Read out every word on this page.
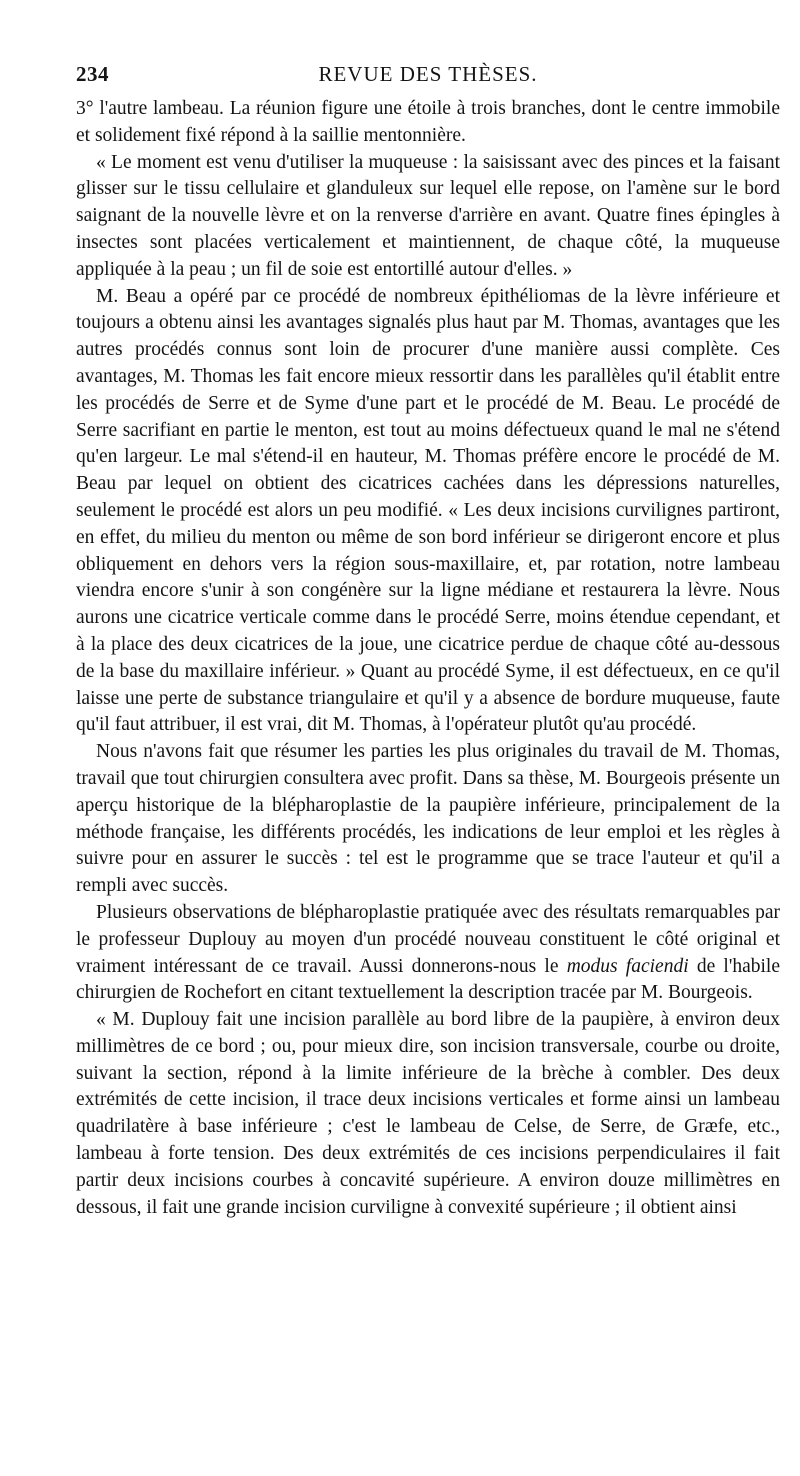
234	REVUE DES THÈSES.

3° l'autre lambeau. La réunion figure une étoile à trois branches, dont le centre immobile et solidement fixé répond à la saillie mentonnière.

« Le moment est venu d'utiliser la muqueuse : la saisissant avec des pinces et la faisant glisser sur le tissu cellulaire et glanduleux sur lequel elle repose, on l'amène sur le bord saignant de la nouvelle lèvre et on la renverse d'arrière en avant. Quatre fines épingles à insectes sont placées verticalement et maintiennent, de chaque côté, la muqueuse appliquée à la peau ; un fil de soie est entortillé autour d'elles. »

M. Beau a opéré par ce procédé de nombreux épithéliomas de la lèvre inférieure et toujours a obtenu ainsi les avantages signalés plus haut par M. Thomas, avantages que les autres procédés connus sont loin de procurer d'une manière aussi complète. Ces avantages, M. Thomas les fait encore mieux ressortir dans les parallèles qu'il établit entre les procédés de Serre et de Syme d'une part et le procédé de M. Beau. Le procédé de Serre sacrifiant en partie le menton, est tout au moins défectueux quand le mal ne s'étend qu'en largeur. Le mal s'étend-il en hauteur, M. Thomas préfère encore le procédé de M. Beau par lequel on obtient des cicatrices cachées dans les dépressions naturelles, seulement le procédé est alors un peu modifié. « Les deux incisions curvilignes partiront, en effet, du milieu du menton ou même de son bord inférieur se dirigeront encore et plus obliquement en dehors vers la région sous-maxillaire, et, par rotation, notre lambeau viendra encore s'unir à son congénère sur la ligne médiane et restaurera la lèvre. Nous aurons une cicatrice verticale comme dans le procédé Serre, moins étendue cependant, et à la place des deux cicatrices de la joue, une cicatrice perdue de chaque côté au-dessous de la base du maxillaire inférieur. » Quant au procédé Syme, il est défectueux, en ce qu'il laisse une perte de substance triangulaire et qu'il y a absence de bordure muqueuse, faute qu'il faut attribuer, il est vrai, dit M. Thomas, à l'opérateur plutôt qu'au procédé.

Nous n'avons fait que résumer les parties les plus originales du travail de M. Thomas, travail que tout chirurgien consultera avec profit. Dans sa thèse, M. Bourgeois présente un aperçu historique de la blépharoplastie de la paupière inférieure, principalement de la méthode française, les différents procédés, les indications de leur emploi et les règles à suivre pour en assurer le succès : tel est le programme que se trace l'auteur et qu'il a rempli avec succès.

Plusieurs observations de blépharoplastie pratiquée avec des résultats remarquables par le professeur Duplouy au moyen d'un procédé nouveau constituent le côté original et vraiment intéressant de ce travail. Aussi donnerons-nous le modus faciendi de l'habile chirurgien de Rochefort en citant textuellement la description tracée par M. Bourgeois.

« M. Duplouy fait une incision parallèle au bord libre de la paupière, à environ deux millimètres de ce bord ; ou, pour mieux dire, son incision transversale, courbe ou droite, suivant la section, répond à la limite inférieure de la brèche à combler. Des deux extrémités de cette incision, il trace deux incisions verticales et forme ainsi un lambeau quadrilatère à base inférieure ; c'est le lambeau de Celse, de Serre, de Græfe, etc., lambeau à forte tension. Des deux extrémités de ces incisions perpendiculaires il fait partir deux incisions courbes à concavité supérieure. A environ douze millimètres en dessous, il fait une grande incision curviligne à convexité supérieure ; il obtient ainsi
